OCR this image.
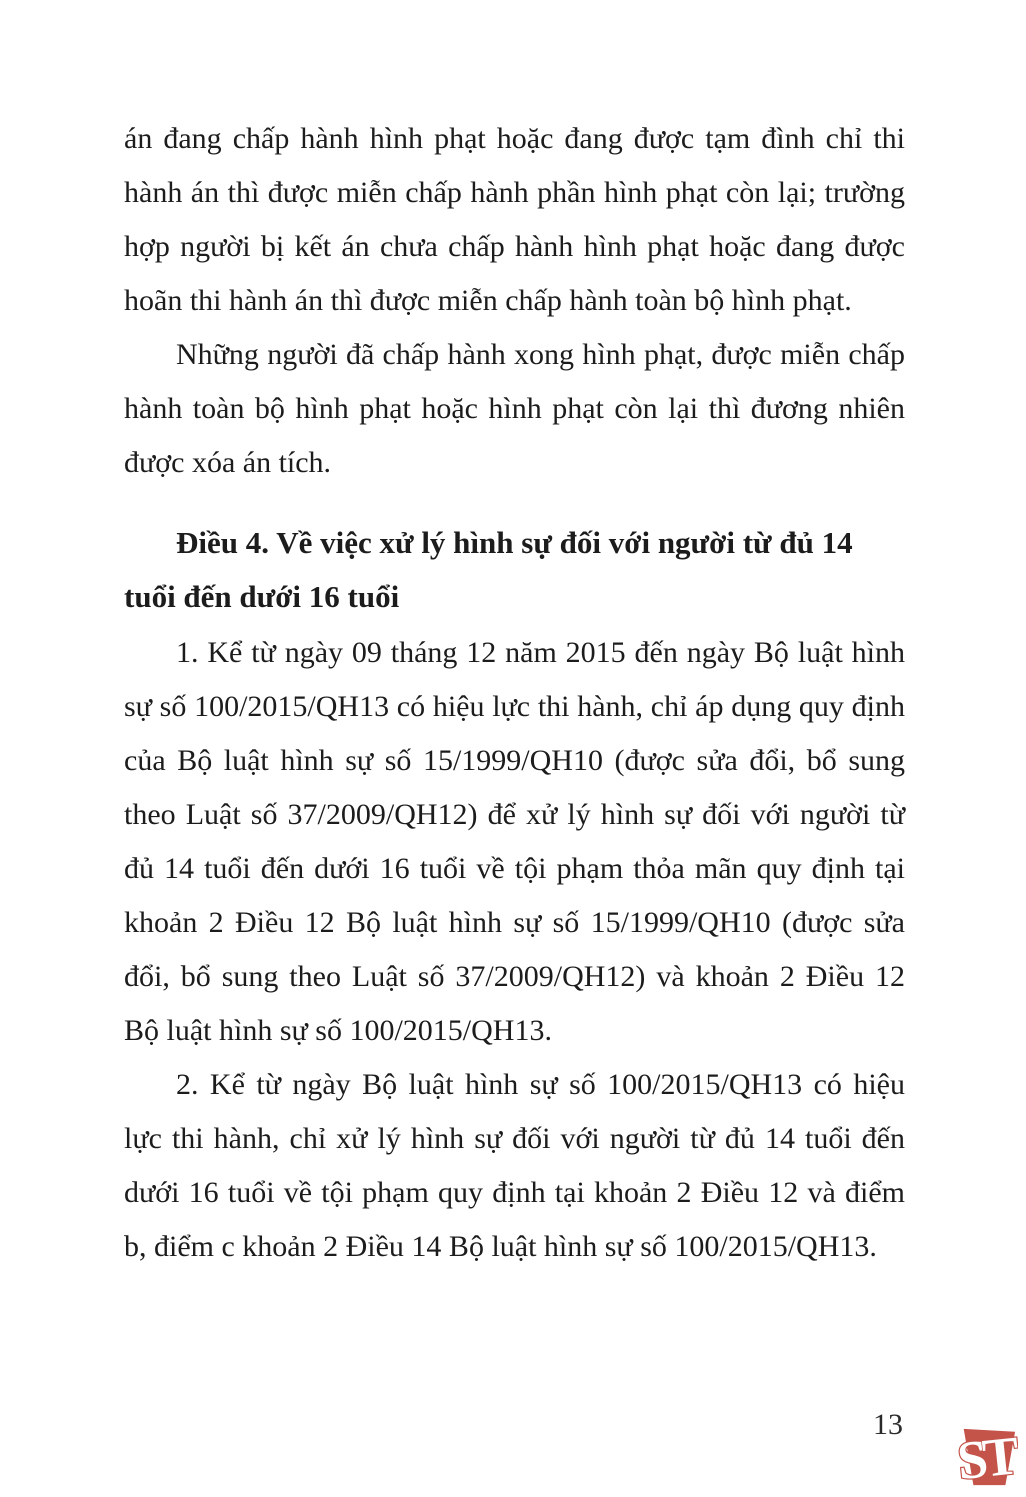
án đang chấp hành hình phạt hoặc đang được tạm đình chỉ thi hành án thì được miễn chấp hành phần hình phạt còn lại; trường hợp người bị kết án chưa chấp hành hình phạt hoặc đang được hoãn thi hành án thì được miễn chấp hành toàn bộ hình phạt.

Những người đã chấp hành xong hình phạt, được miễn chấp hành toàn bộ hình phạt hoặc hình phạt còn lại thì đương nhiên được xóa án tích.

Điều 4. Về việc xử lý hình sự đối với người từ đủ 14 tuổi đến dưới 16 tuổi

1. Kể từ ngày 09 tháng 12 năm 2015 đến ngày Bộ luật hình sự số 100/2015/QH13 có hiệu lực thi hành, chỉ áp dụng quy định của Bộ luật hình sự số 15/1999/QH10 (được sửa đổi, bổ sung theo Luật số 37/2009/QH12) để xử lý hình sự đối với người từ đủ 14 tuổi đến dưới 16 tuổi về tội phạm thỏa mãn quy định tại khoản 2 Điều 12 Bộ luật hình sự số 15/1999/QH10 (được sửa đổi, bổ sung theo Luật số 37/2009/QH12) và khoản 2 Điều 12 Bộ luật hình sự số 100/2015/QH13.

2. Kể từ ngày Bộ luật hình sự số 100/2015/QH13 có hiệu lực thi hành, chỉ xử lý hình sự đối với người từ đủ 14 tuổi đến dưới 16 tuổi về tội phạm quy định tại khoản 2 Điều 12 và điểm b, điểm c khoản 2 Điều 14 Bộ luật hình sự số 100/2015/QH13.

13
ST
